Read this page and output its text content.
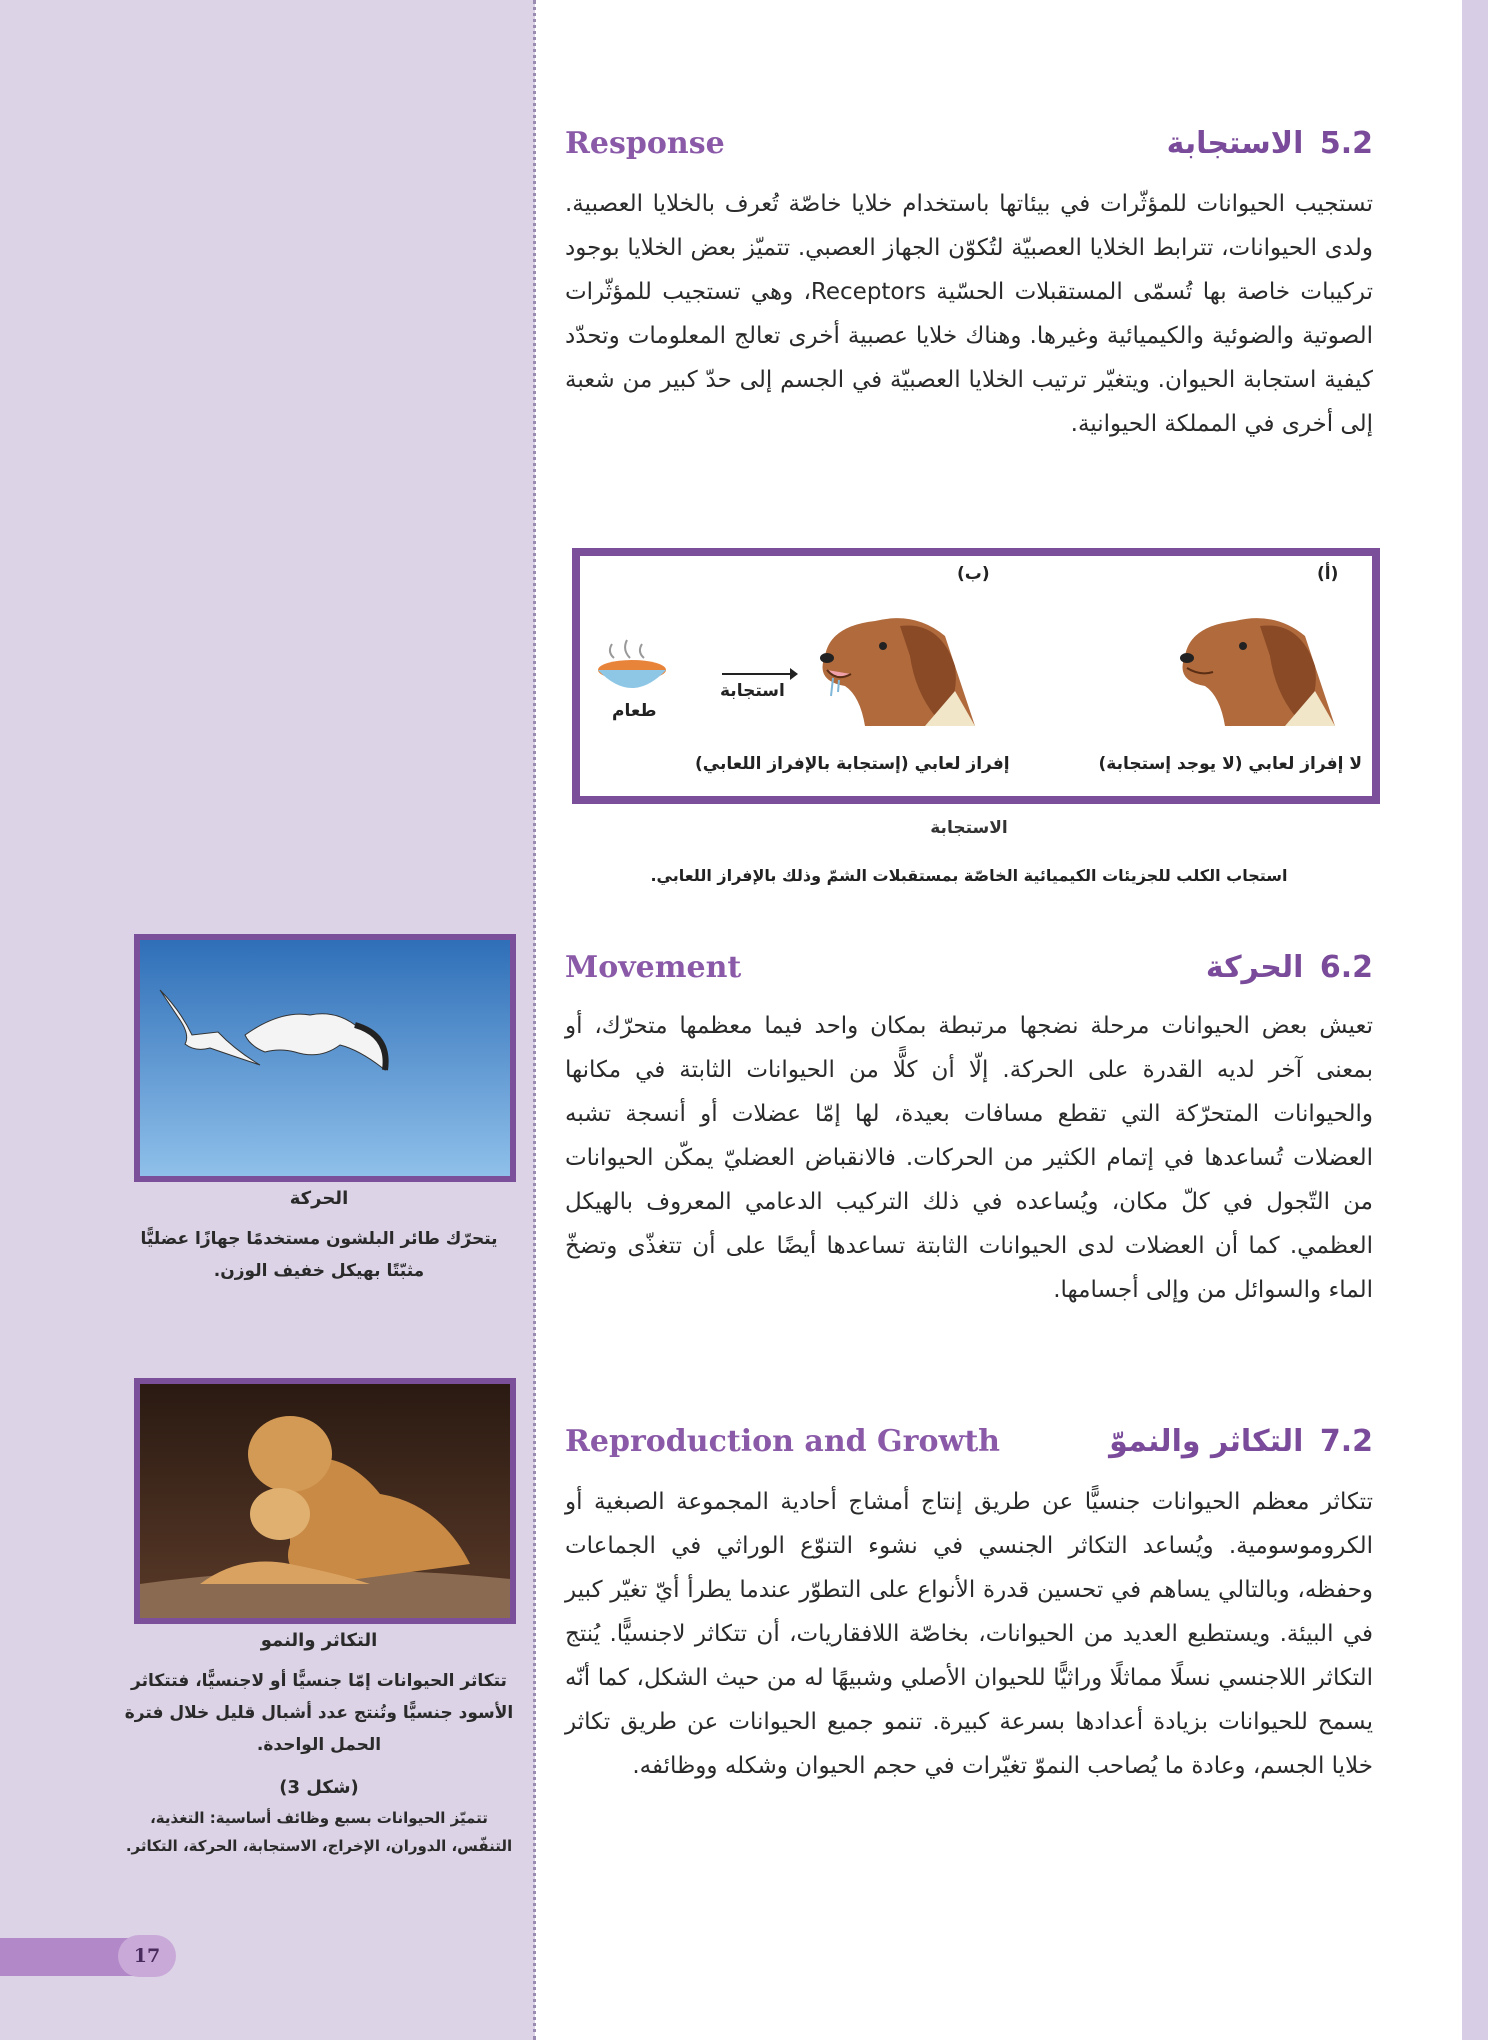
Response	5.2 الاستجابة
تستجيب الحيوانات للمؤثّرات في بيئاتها باستخدام خلايا خاصّة تُعرف بالخلايا العصبية. ولدى الحيوانات، تترابط الخلايا العصبيّة لتُكوّن الجهاز العصبي. تتميّز بعض الخلايا بوجود تركيبات خاصة بها تُسمّى المستقبلات الحسّية Receptors، وهي تستجيب للمؤثّرات الصوتية والضوئية والكيميائية وغيرها. وهناك خلايا عصبية أخرى تعالج المعلومات وتحدّد كيفية استجابة الحيوان. ويتغيّر ترتيب الخلايا العصبيّة في الجسم إلى حدّ كبير من شعبة إلى أخرى في المملكة الحيوانية.
(أ)
(ب)
استجابة
طعام
لا إفراز لعابي (لا يوجد إستجابة)
إفراز لعابي (إستجابة بالإفراز اللعابي)
الاستجابة
استجاب الكلب للجزيئات الكيميائية الخاصّة بمستقبلات الشمّ وذلك بالإفراز اللعابي.
Movement	6.2 الحركة
تعيش بعض الحيوانات مرحلة نضجها مرتبطة بمكان واحد فيما معظمها متحرّك، أو بمعنى آخر لديه القدرة على الحركة. إلّا أن كلًّا من الحيوانات الثابتة في مكانها والحيوانات المتحرّكة التي تقطع مسافات بعيدة، لها إمّا عضلات أو أنسجة تشبه العضلات تُساعدها في إتمام الكثير من الحركات. فالانقباض العضليّ يمكّن الحيوانات من التّجول في كلّ مكان، ويُساعده في ذلك التركيب الدعامي المعروف بالهيكل العظمي. كما أن العضلات لدى الحيوانات الثابتة تساعدها أيضًا على أن تتغذّى وتضخّ الماء والسوائل من وإلى أجسامها.
Reproduction and Growth	7.2 التكاثر والنموّ
تتكاثر معظم الحيوانات جنسيًّا عن طريق إنتاج أمشاج أحادية المجموعة الصبغية أو الكروموسومية. ويُساعد التكاثر الجنسي في نشوء التنوّع الوراثي في الجماعات وحفظه، وبالتالي يساهم في تحسين قدرة الأنواع على التطوّر عندما يطرأ أيّ تغيّر كبير في البيئة. ويستطيع العديد من الحيوانات، بخاصّة اللافقاريات، أن تتكاثر لاجنسيًّا. يُنتج التكاثر اللاجنسي نسلًا مماثلًا وراثيًّا للحيوان الأصلي وشبيهًا له من حيث الشكل، كما أنّه يسمح للحيوانات بزيادة أعدادها بسرعة كبيرة. تنمو جميع الحيوانات عن طريق تكاثر خلايا الجسم، وعادة ما يُصاحب النموّ تغيّرات في حجم الحيوان وشكله ووظائفه.
الحركة
يتحرّك طائر البلشون مستخدمًا جهازًا عضليًّا مثبّتًا بهيكل خفيف الوزن.
التكاثر والنمو
تتكاثر الحيوانات إمّا جنسيًّا أو لاجنسيًّا، فتتكاثر الأسود جنسيًّا وتُنتج عدد أشبال قليل خلال فترة الحمل الواحدة.
(شكل 3)
تتميّز الحيوانات بسبع وظائف أساسية: التغذية، التنفّس، الدوران، الإخراج، الاستجابة، الحركة، التكاثر.
17
